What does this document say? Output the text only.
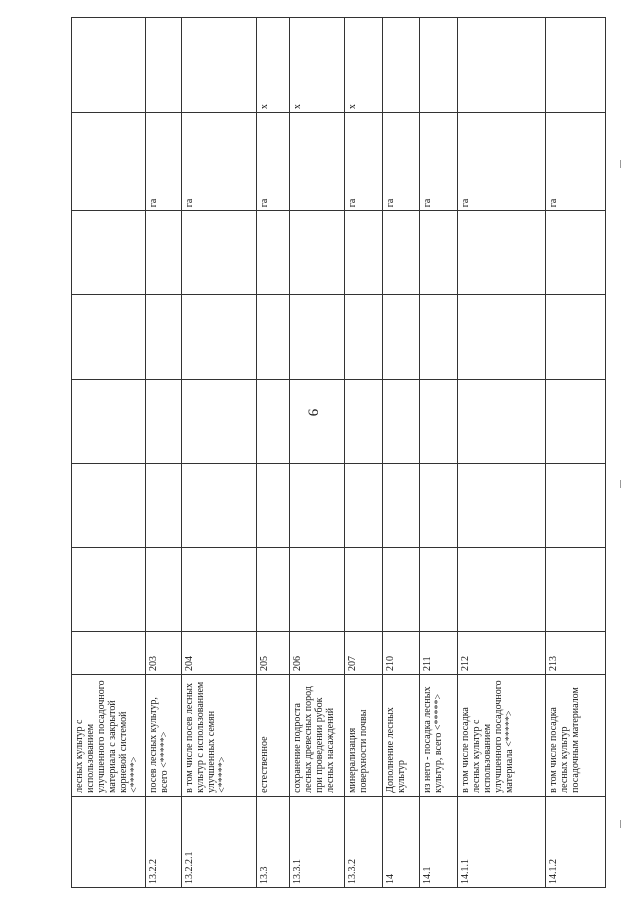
9
лесных культур с использованием улучшенного посадочного материала с закрытой корневой системой <*****>
13.2.2
посев лесных культур, всего <*****>
203
га
13.2.2.1
в том числе посев лесных культур с использованием улучшенных семян <*****>
204
га
13.3
естественное
205
га
x
13.3.1
сохранение подроста лесных древесных пород при проведении рубок лесных насаждений
206
x
13.3.2
минерализация поверхности почвы
207
га
x
14
Дополнение лесных культур
210
га
14.1
из него - посадка лесных культур, всего <*****>
211
га
14.1.1
в том числе посадка лесных культур с использованием улучшенного посадочного материала <*****>
212
га
14.1.2
в том числе посадка лесных культур посадочным материалом
213
га
